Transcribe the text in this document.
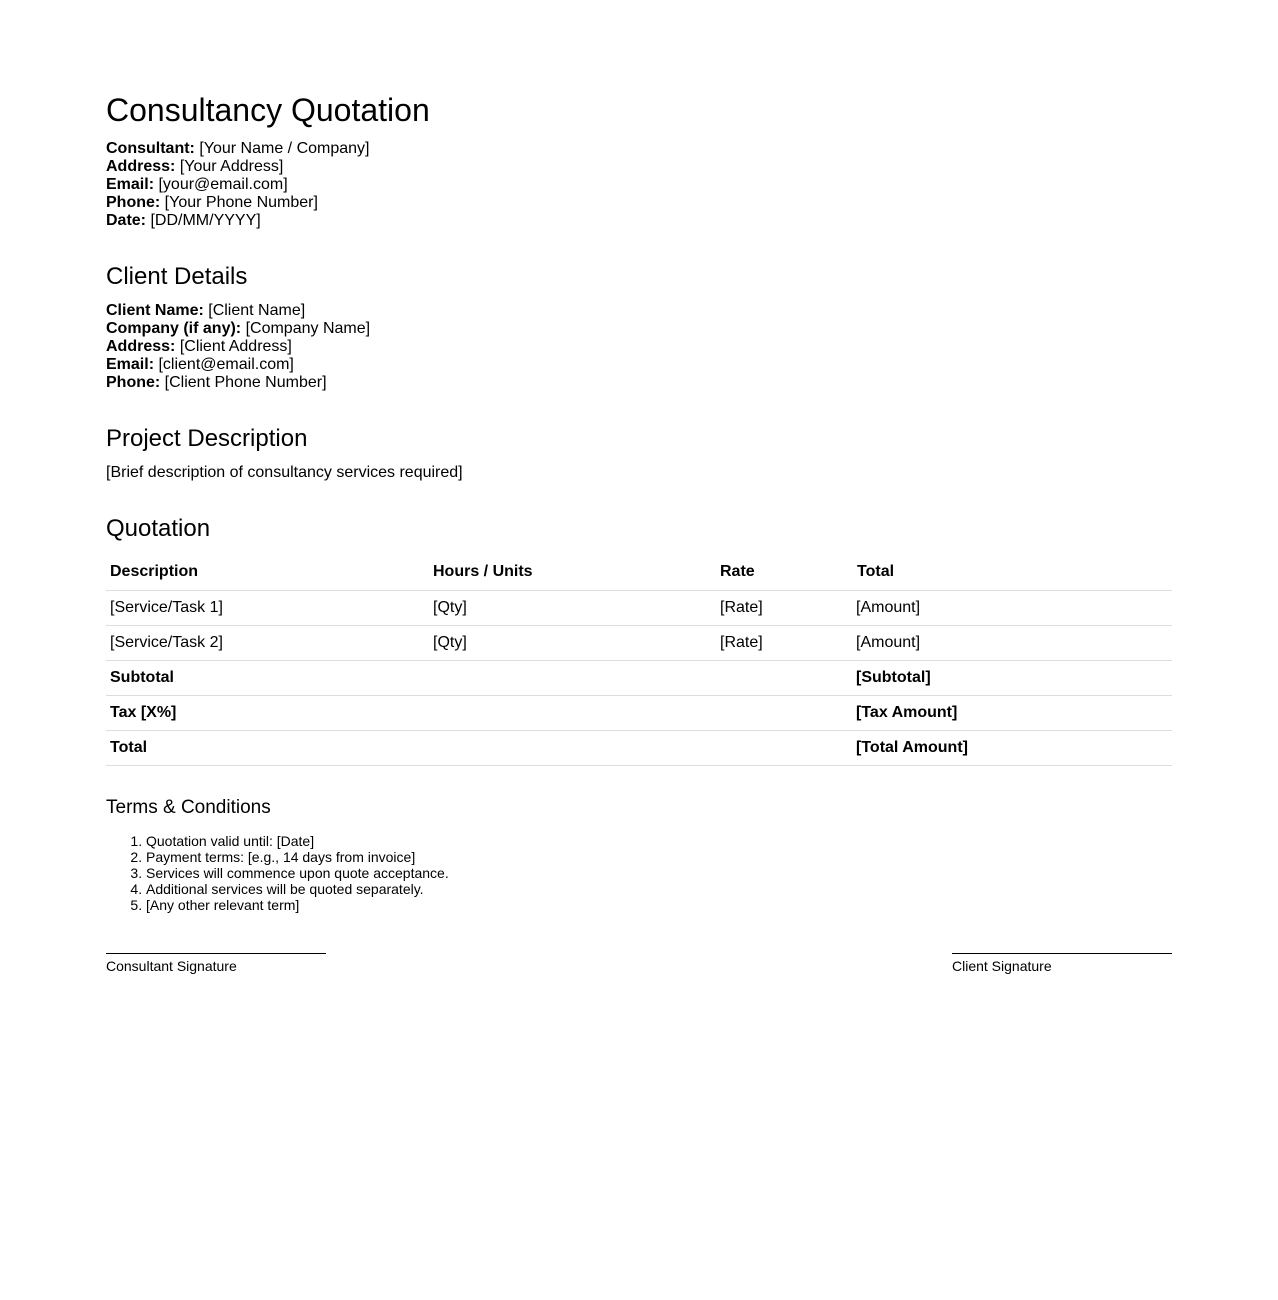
Consultancy Quotation
Consultant: [Your Name / Company]
Address: [Your Address]
Email: [your@email.com]
Phone: [Your Phone Number]
Date: [DD/MM/YYYY]
Client Details
Client Name: [Client Name]
Company (if any): [Company Name]
Address: [Client Address]
Email: [client@email.com]
Phone: [Client Phone Number]
Project Description
[Brief description of consultancy services required]
Quotation
Description	Hours / Units	Rate	Total
[Service/Task 1]	[Qty]	[Rate]	[Amount]
[Service/Task 2]	[Qty]	[Rate]	[Amount]
Subtotal			[Subtotal]
Tax [X%]			[Tax Amount]
Total			[Total Amount]
Terms & Conditions
1. Quotation valid until: [Date]
2. Payment terms: [e.g., 14 days from invoice]
3. Services will commence upon quote acceptance.
4. Additional services will be quoted separately.
5. [Any other relevant term]
Consultant Signature	Client Signature
